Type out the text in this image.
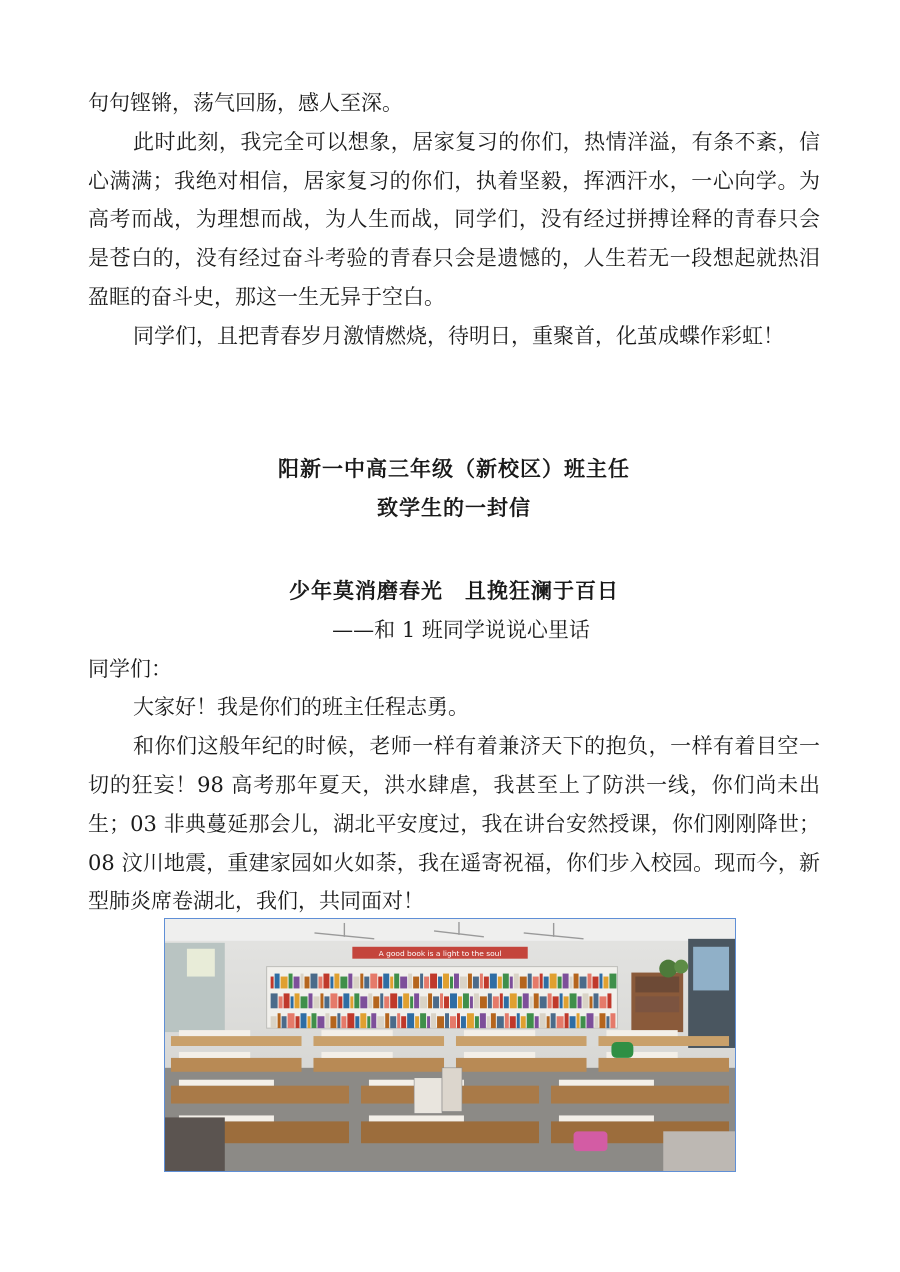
句句铿锵，荡气回肠，感人至深。

此时此刻，我完全可以想象，居家复习的你们，热情洋溢，有条不紊，信心满满；我绝对相信，居家复习的你们，执着坚毅，挥洒汗水，一心向学。为高考而战，为理想而战，为人生而战，同学们，没有经过拼搏诠释的青春只会是苍白的，没有经过奋斗考验的青春只会是遗憾的，人生若无一段想起就热泪盈眶的奋斗史，那这一生无异于空白。

同学们，且把青春岁月激情燃烧，待明日，重聚首，化茧成蝶作彩虹！

阳新一中高三年级（新校区）班主任

致学生的一封信

少年莫消磨春光　且挽狂澜于百日

——和 1 班同学说说心里话

同学们：

大家好！我是你们的班主任程志勇。

和你们这般年纪的时候，老师一样有着兼济天下的抱负，一样有着目空一切的狂妄！98 高考那年夏天，洪水肆虐，我甚至上了防洪一线，你们尚未出生；03 非典蔓延那会儿，湖北平安度过，我在讲台安然授课，你们刚刚降世；08 汶川地震，重建家园如火如荼，我在遥寄祝福，你们步入校园。现而今，新型肺炎席卷湖北，我们，共同面对！

A good book is a light to the soul
